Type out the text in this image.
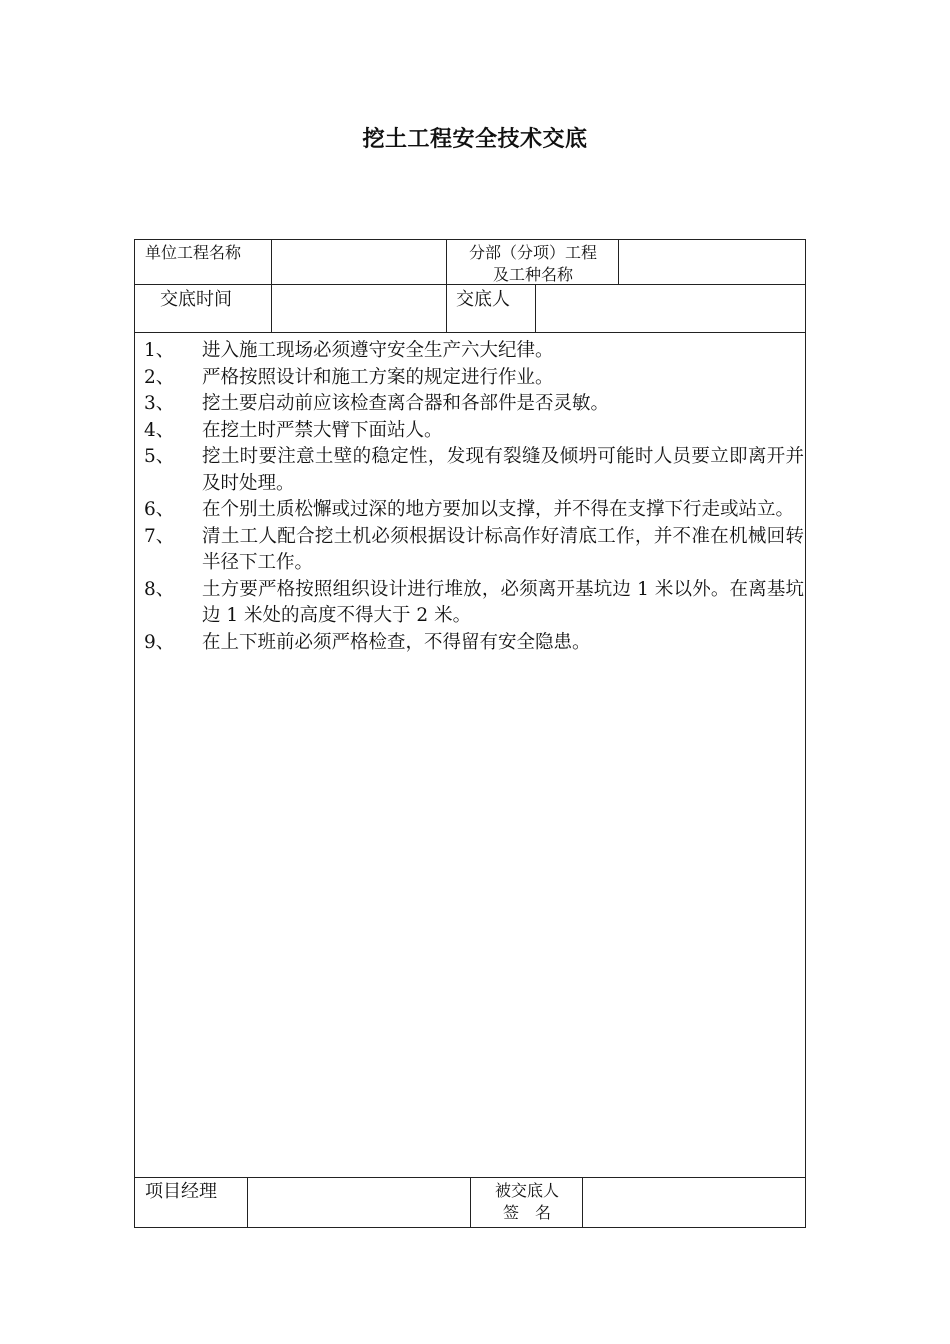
挖土工程安全技术交底
单位工程名称	分部（分项）工程
及工种名称
交底时间	交底人
1、	进入施工现场必须遵守安全生产六大纪律。
2、	严格按照设计和施工方案的规定进行作业。
3、	挖土要启动前应该检查离合器和各部件是否灵敏。
4、	在挖土时严禁大臂下面站人。
5、	挖土时要注意土壁的稳定性，发现有裂缝及倾坍可能时人员要立即离开并及时处理。
6、	在个别土质松懈或过深的地方要加以支撑，并不得在支撑下行走或站立。
7、	清土工人配合挖土机必须根据设计标高作好清底工作，并不准在机械回转半径下工作。
8、	土方要严格按照组织设计进行堆放，必须离开基坑边 1 米以外。在离基坑边 1 米处的高度不得大于 2 米。
9、	在上下班前必须严格检查，不得留有安全隐患。
项目经理	被交底人
签　名
